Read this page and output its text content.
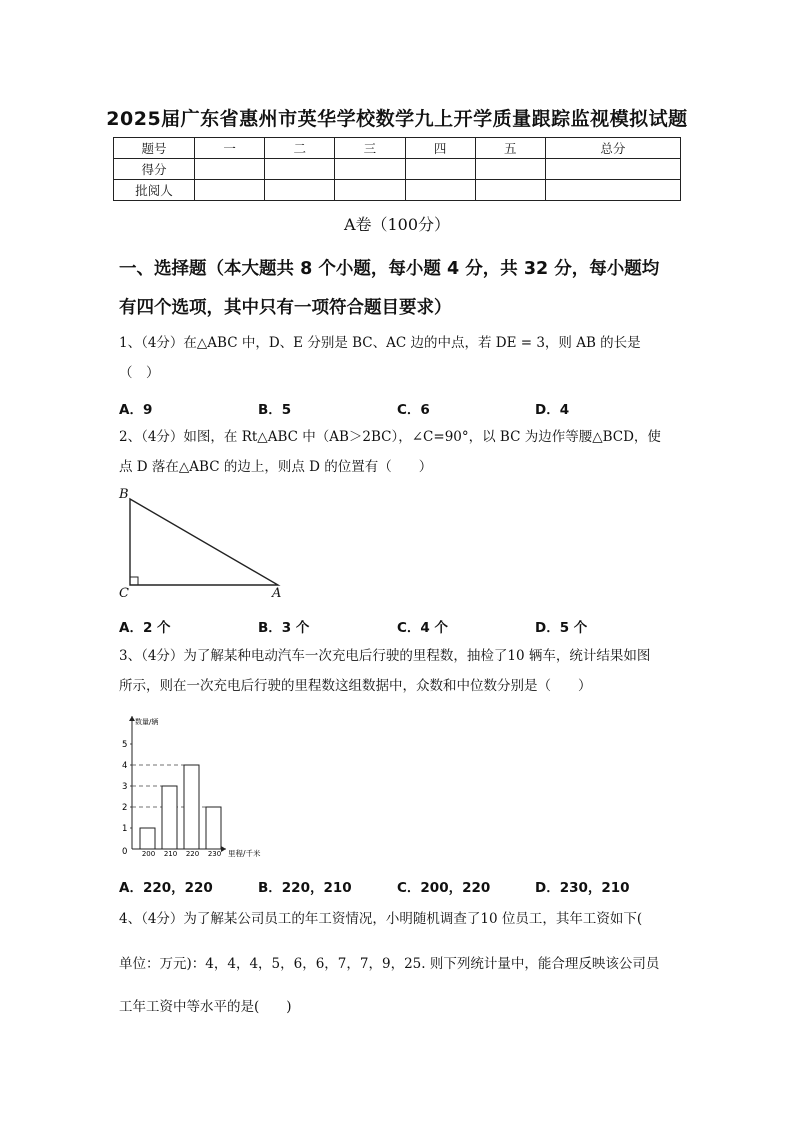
2025届广东省惠州市英华学校数学九上开学质量跟踪监视模拟试题
题号	一	二	三	四	五	总分
得分						
批阅人						
A卷（100分）
一、选择题（本大题共 8 个小题，每小题 4 分，共 32 分，每小题均
有四个选项，其中只有一项符合题目要求）
1、（4分）在△ABC 中，D、E 分别是 BC、AC 边的中点，若 DE = 3，则 AB 的长是
（　）
A．9	B．5	C．6	D．4
2、（4分）如图，在 Rt△ABC 中（AB＞2BC），∠C=90°，以 BC 为边作等腰△BCD，使
点 D 落在△ABC 的边上，则点 D 的位置有（　　）
B
C	A
A．2 个	B．3 个	C．4 个	D．5 个
3、（4分）为了解某种电动汽车一次充电后行驶的里程数，抽检了10 辆车，统计结果如图
所示，则在一次充电后行驶的里程数这组数据中，众数和中位数分别是（　　）
数量/辆
里程/千米
0
1
2
3
4
5
200 210 220 230
A．220，220	B．220，210	C．200，220	D．230，210
4、（4分）为了解某公司员工的年工资情况，小明随机调查了10 位员工，其年工资如下(
单位：万元)：4，4，4，5，6，6，7，7，9，25. 则下列统计量中，能合理反映该公司员
工年工资中等水平的是(　　)
